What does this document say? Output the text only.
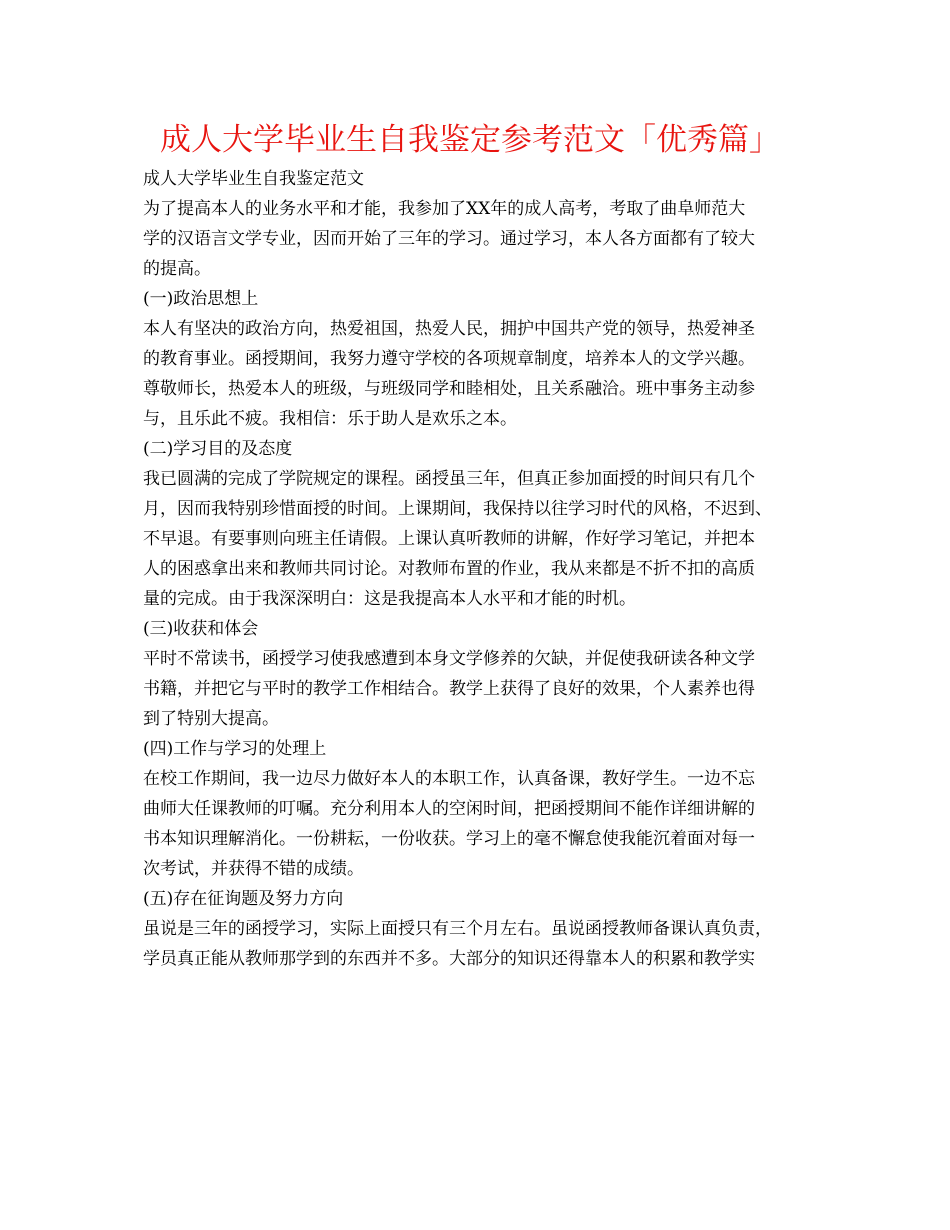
成人大学毕业生自我鉴定参考范文「优秀篇」
成人大学毕业生自我鉴定范文
为了提高本人的业务水平和才能，我参加了XX年的成人高考，考取了曲阜师范大
学的汉语言文学专业，因而开始了三年的学习。通过学习，本人各方面都有了较大
的提高。
(一)政治思想上
本人有坚决的政治方向，热爱祖国，热爱人民，拥护中国共产党的领导，热爱神圣
的教育事业。函授期间，我努力遵守学校的各项规章制度，培养本人的文学兴趣。
尊敬师长，热爱本人的班级，与班级同学和睦相处，且关系融洽。班中事务主动参
与，且乐此不疲。我相信：乐于助人是欢乐之本。
(二)学习目的及态度
我已圆满的完成了学院规定的课程。函授虽三年，但真正参加面授的时间只有几个
月，因而我特别珍惜面授的时间。上课期间，我保持以往学习时代的风格，不迟到、
不早退。有要事则向班主任请假。上课认真听教师的讲解，作好学习笔记，并把本
人的困惑拿出来和教师共同讨论。对教师布置的作业，我从来都是不折不扣的高质
量的完成。由于我深深明白：这是我提高本人水平和才能的时机。
(三)收获和体会
平时不常读书，函授学习使我感遭到本身文学修养的欠缺，并促使我研读各种文学
书籍，并把它与平时的教学工作相结合。教学上获得了良好的效果，个人素养也得
到了特别大提高。
(四)工作与学习的处理上
在校工作期间，我一边尽力做好本人的本职工作，认真备课，教好学生。一边不忘
曲师大任课教师的叮嘱。充分利用本人的空闲时间，把函授期间不能作详细讲解的
书本知识理解消化。一份耕耘，一份收获。学习上的毫不懈怠使我能沉着面对每一
次考试，并获得不错的成绩。
(五)存在征询题及努力方向
虽说是三年的函授学习，实际上面授只有三个月左右。虽说函授教师备课认真负责，
学员真正能从教师那学到的东西并不多。大部分的知识还得靠本人的积累和教学实
